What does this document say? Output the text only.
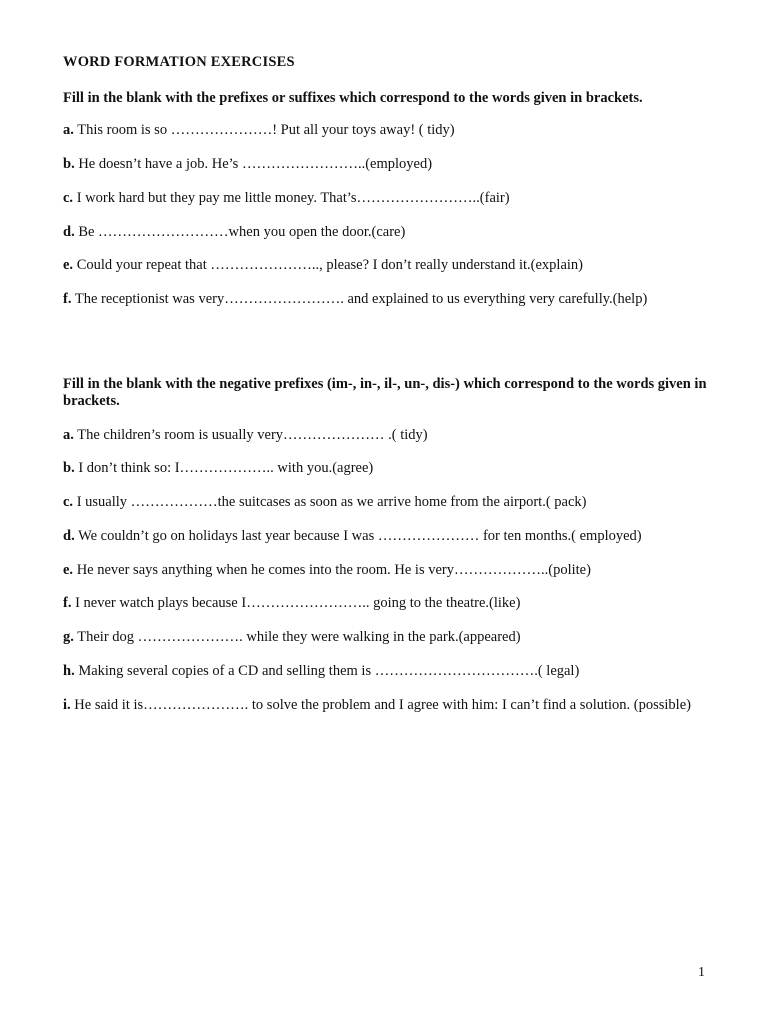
WORD FORMATION EXERCISES
Fill in the blank with the prefixes or suffixes which correspond to the words given in brackets.
a. This room is so …………………! Put all your toys away! ( tidy)
b. He doesn’t have a job. He’s ……………………..(employed)
c. I work hard but they pay me little money. That’s……………………..(fair)
d. Be ………………………when you open the door.(care)
e. Could your repeat that ………………….., please? I don’t really understand it.(explain)
f. The receptionist was very……………………. and explained to us everything very carefully.(help)
Fill in the blank with the negative prefixes (im-, in-, il-, un-, dis-) which correspond to the words given in brackets.
a. The children’s room is usually very………………… .( tidy)
b. I don’t think so: I……………….. with you.(agree)
c. I usually ………………the suitcases as soon as we arrive home from the airport.( pack)
d. We couldn’t go on holidays last year because I was ………………… for ten months.( employed)
e. He never says anything when he comes into the room. He is very………………..(polite)
f. I never watch plays because I…………………….. going to the theatre.(like)
g. Their dog …………………. while they were walking in the park.(appeared)
h. Making several copies of a CD and selling them is …………………………….( legal)
i. He said it is…………………. to solve the problem and I agree with him: I can’t find a solution. (possible)
1
